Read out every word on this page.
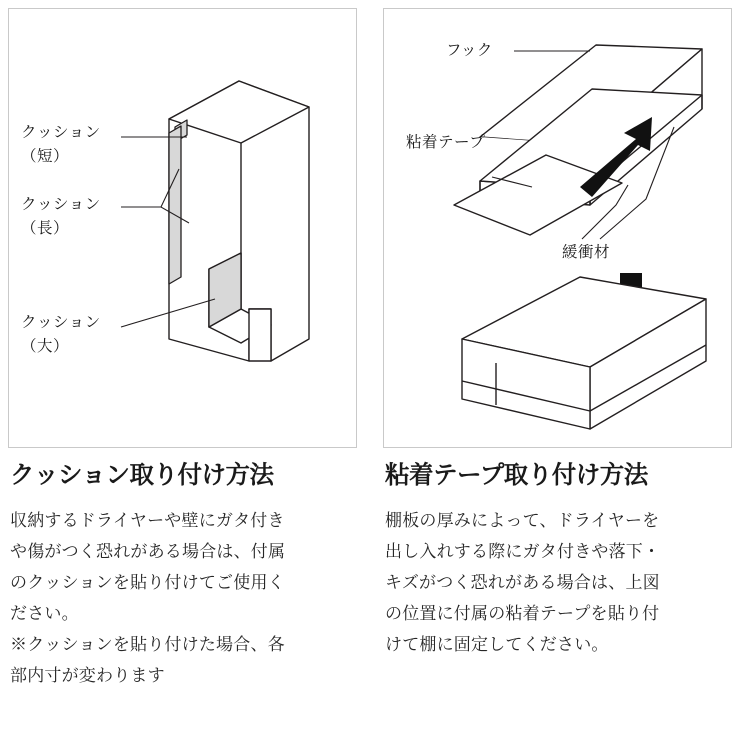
クッション
（短）
クッション
（長）
クッション
（大）
フック
粘着テープ
緩衝材
クッション取り付け方法

収納するドライヤーや壁にガタ付き

や傷がつく恐れがある場合は、付属

のクッションを貼り付けてご使用く

ださい。

※クッションを貼り付けた場合、各

部内寸が変わります

粘着テープ取り付け方法

棚板の厚みによって、ドライヤーを

出し入れする際にガタ付きや落下・

キズがつく恐れがある場合は、上図

の位置に付属の粘着テープを貼り付

けて棚に固定してください。
